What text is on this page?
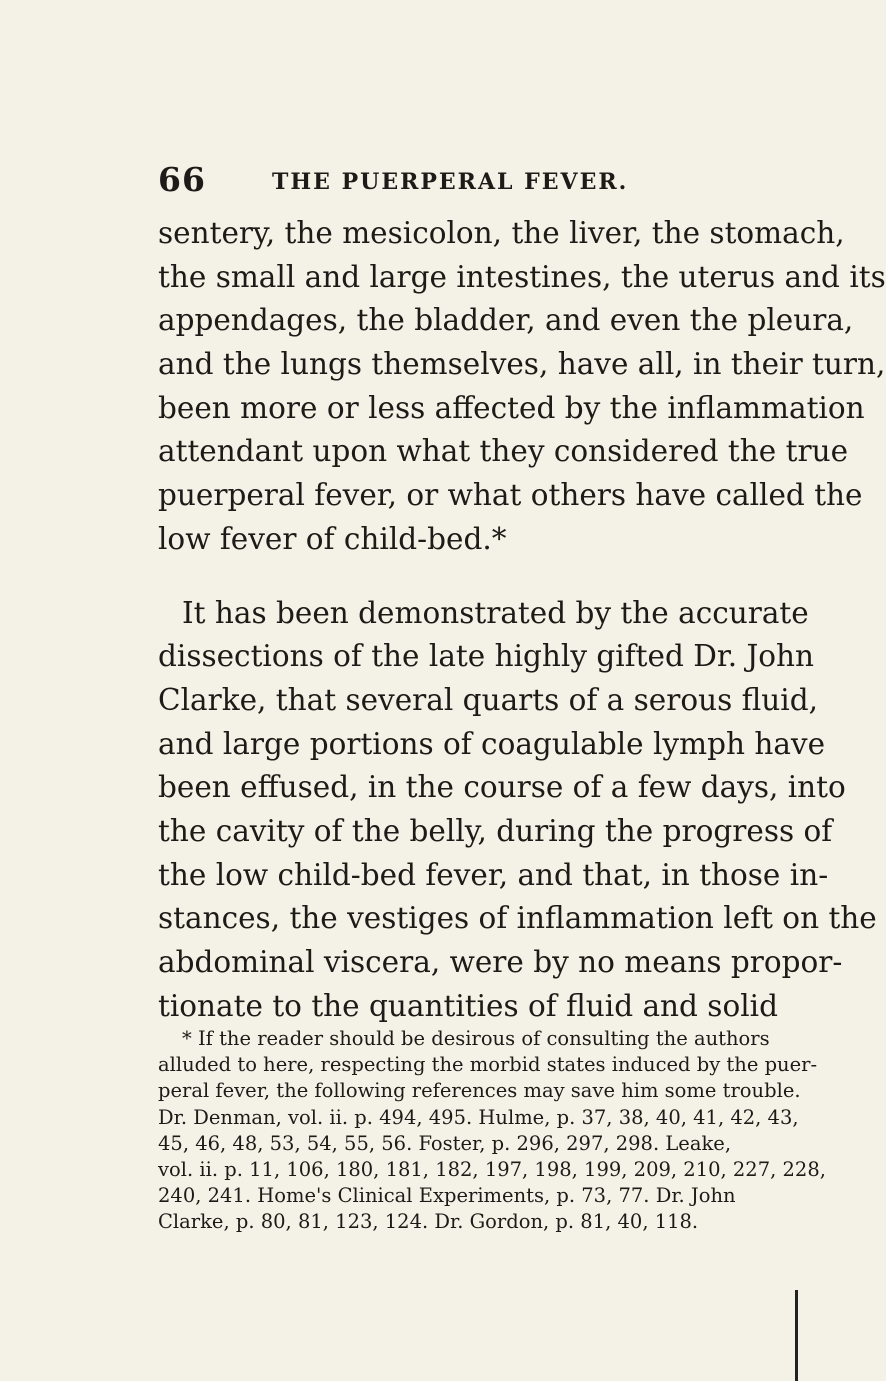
66	THE PUERPERAL FEVER.
sentery, the mesicolon, the liver, the stomach,
the small and large intestines, the uterus and its
appendages, the bladder, and even the pleura,
and the lungs themselves, have all, in their turn,
been more or less affected by the inflammation
attendant upon what they considered the true
puerperal fever, or what others have called the
low fever of child-bed.*
It has been demonstrated by the accurate
dissections of the late highly gifted Dr. John
Clarke, that several quarts of a serous fluid,
and large portions of coagulable lymph have
been effused, in the course of a few days, into
the cavity of the belly, during the progress of
the low child-bed fever, and that, in those in-
stances, the vestiges of inflammation left on the
abdominal viscera, were by no means propor-
tionate to the quantities of fluid and solid
* If the reader should be desirous of consulting the authors
alluded to here, respecting the morbid states induced by the puer-
peral fever, the following references may save him some trouble.
Dr. Denman, vol. ii. p. 494, 495. Hulme, p. 37, 38, 40, 41, 42, 43,
45, 46, 48, 53, 54, 55, 56. Foster, p. 296, 297, 298. Leake,
vol. ii. p. 11, 106, 180, 181, 182, 197, 198, 199, 209, 210, 227, 228,
240, 241. Home's Clinical Experiments, p. 73, 77. Dr. John
Clarke, p. 80, 81, 123, 124. Dr. Gordon, p. 81, 40, 118.
